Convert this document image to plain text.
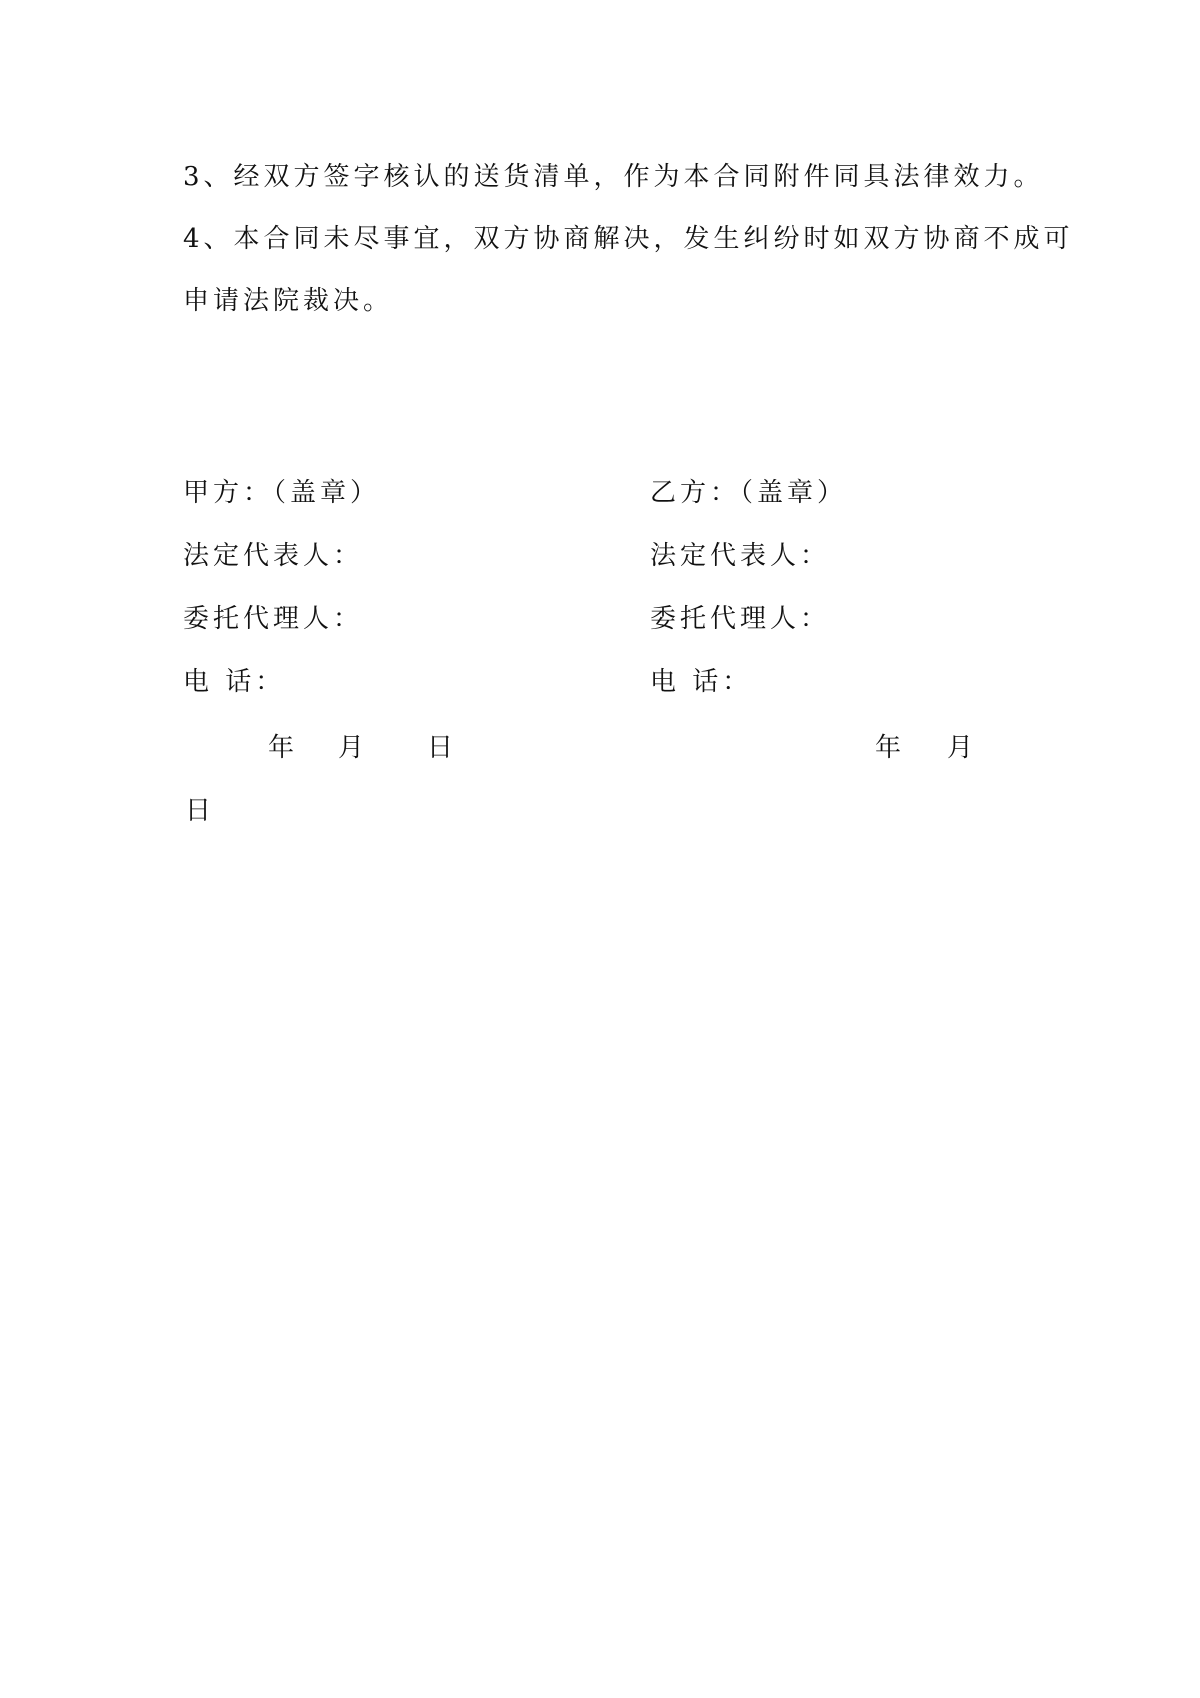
3、经双方签字核认的送货清单，作为本合同附件同具法律效力。
4、本合同未尽事宜，双方协商解决，发生纠纷时如双方协商不成可
申请法院裁决。
甲方：（盖章）
法定代表人：
委托代理人：
电 话：
乙方：（盖章）
法定代表人：
委托代理人：
电 话：
年 月 日	年 月
日
